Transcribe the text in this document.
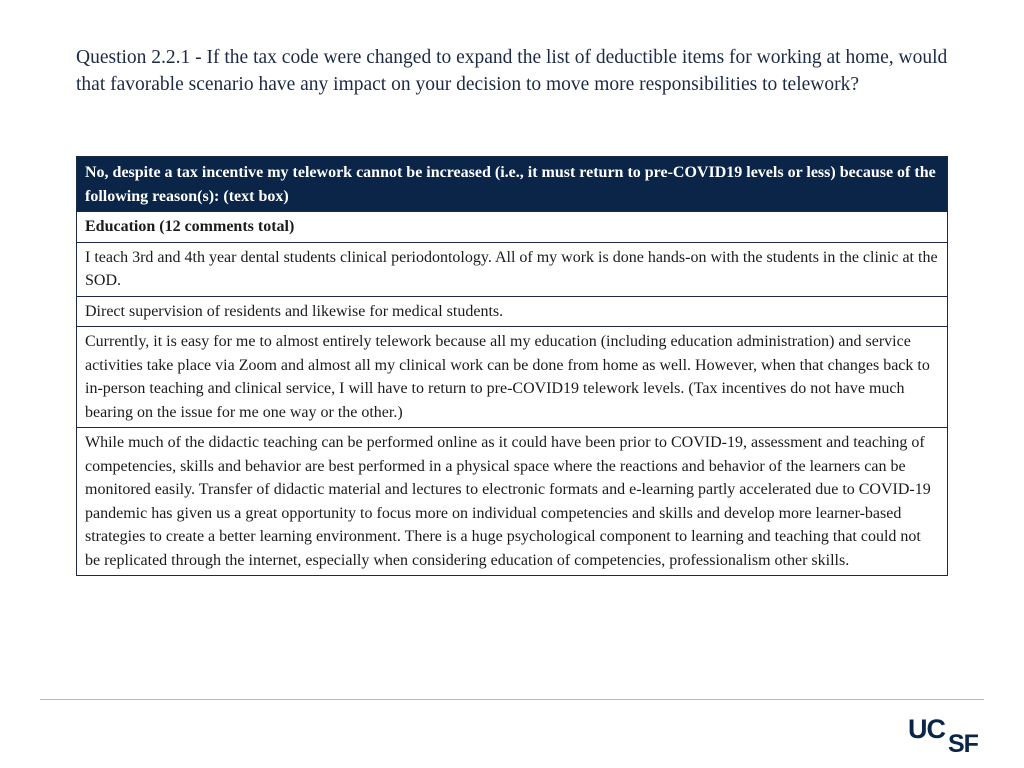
Question 2.2.1 - If the tax code were changed to expand the list of deductible items for working at home, would that favorable scenario have any impact on your decision to move more responsibilities to telework?
No, despite a tax incentive my telework cannot be increased (i.e., it must return to pre-COVID19 levels or less) because of the following reason(s): (text box)
Education (12 comments total)
I teach 3rd and 4th year dental students clinical periodontology. All of my work is done hands-on with the students in the clinic at the SOD.
Direct supervision of residents and likewise for medical students.
Currently, it is easy for me to almost entirely telework because all my education (including education administration) and service activities take place via Zoom and almost all my clinical work can be done from home as well. However, when that changes back to in-person teaching and clinical service, I will have to return to pre-COVID19 telework levels. (Tax incentives do not have much bearing on the issue for me one way or the other.)
While much of the didactic teaching can be performed online as it could have been prior to COVID-19, assessment and teaching of competencies, skills and behavior are best performed in a physical space where the reactions and behavior of the learners can be monitored easily. Transfer of didactic material and lectures to electronic formats and e-learning partly accelerated due to COVID-19 pandemic has given us a great opportunity to focus more on individual competencies and skills and develop more learner-based strategies to create a better learning environment. There is a huge psychological component to learning and teaching that could not be replicated through the internet, especially when considering education of competencies, professionalism other skills.
UC SF
